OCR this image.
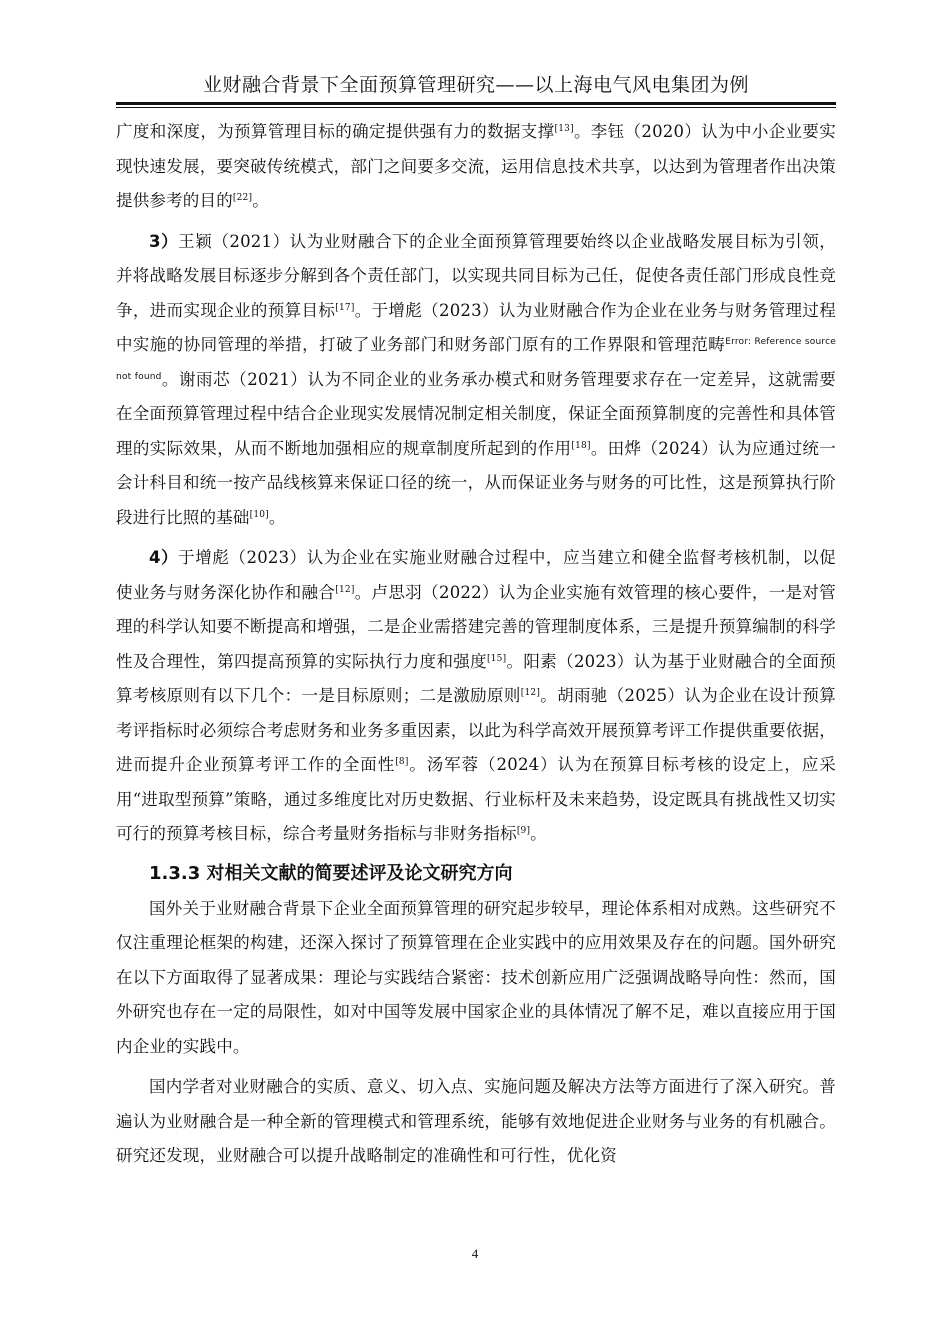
业财融合背景下全面预算管理研究——以上海电气风电集团为例

广度和深度，为预算管理目标的确定提供强有力的数据支撑[13]。李钰（2020）认为中小企业要实现快速发展，要突破传统模式，部门之间要多交流，运用信息技术共享，以达到为管理者作出决策提供参考的目的[22]。

3）王颖（2021）认为业财融合下的企业全面预算管理要始终以企业战略发展目标为引领，并将战略发展目标逐步分解到各个责任部门，以实现共同目标为己任，促使各责任部门形成良性竞争，进而实现企业的预算目标[17]。于增彪（2023）认为业财融合作为企业在业务与财务管理过程中实施的协同管理的举措，打破了业务部门和财务部门原有的工作界限和管理范畴$^{Error: Reference source not found}$。谢雨芯（2021）认为不同企业的业务承办模式和财务管理要求存在一定差异，这就需要在全面预算管理过程中结合企业现实发展情况制定相关制度，保证全面预算制度的完善性和具体管理的实际效果，从而不断地加强相应的规章制度所起到的作用[18]。田烨（2024）认为应通过统一会计科目和统一按产品线核算来保证口径的统一，从而保证业务与财务的可比性，这是预算执行阶段进行比照的基础[10]。

4）于增彪（2023）认为企业在实施业财融合过程中，应当建立和健全监督考核机制，以促使业务与财务深化协作和融合[12]。卢思羽（2022）认为企业实施有效管理的核心要件，一是对管理的科学认知要不断提高和增强，二是企业需搭建完善的管理制度体系，三是提升预算编制的科学性及合理性，第四提高预算的实际执行力度和强度[15]。阳素（2023）认为基于业财融合的全面预算考核原则有以下几个：一是目标原则；二是激励原则[12]。胡雨驰（2025）认为企业在设计预算考评指标时必须综合考虑财务和业务多重因素，以此为科学高效开展预算考评工作提供重要依据，进而提升企业预算考评工作的全面性[8]。汤军蓉（2024）认为在预算目标考核的设定上，应采用“进取型预算”策略，通过多维度比对历史数据、行业标杆及未来趋势，设定既具有挑战性又切实可行的预算考核目标，综合考量财务指标与非财务指标[9]。

1.3.3 对相关文献的简要述评及论文研究方向

国外关于业财融合背景下企业全面预算管理的研究起步较早，理论体系相对成熟。这些研究不仅注重理论框架的构建，还深入探讨了预算管理在企业实践中的应用效果及存在的问题。国外研究在以下方面取得了显著成果：理论与实践结合紧密：技术创新应用广泛强调战略导向性：然而，国外研究也存在一定的局限性，如对中国等发展中国家企业的具体情况了解不足，难以直接应用于国内企业的实践中。

国内学者对业财融合的实质、意义、切入点、实施问题及解决方法等方面进行了深入研究。普遍认为业财融合是一种全新的管理模式和管理系统，能够有效地促进企业财务与业务的有机融合。研究还发现，业财融合可以提升战略制定的准确性和可行性，优化资

4
